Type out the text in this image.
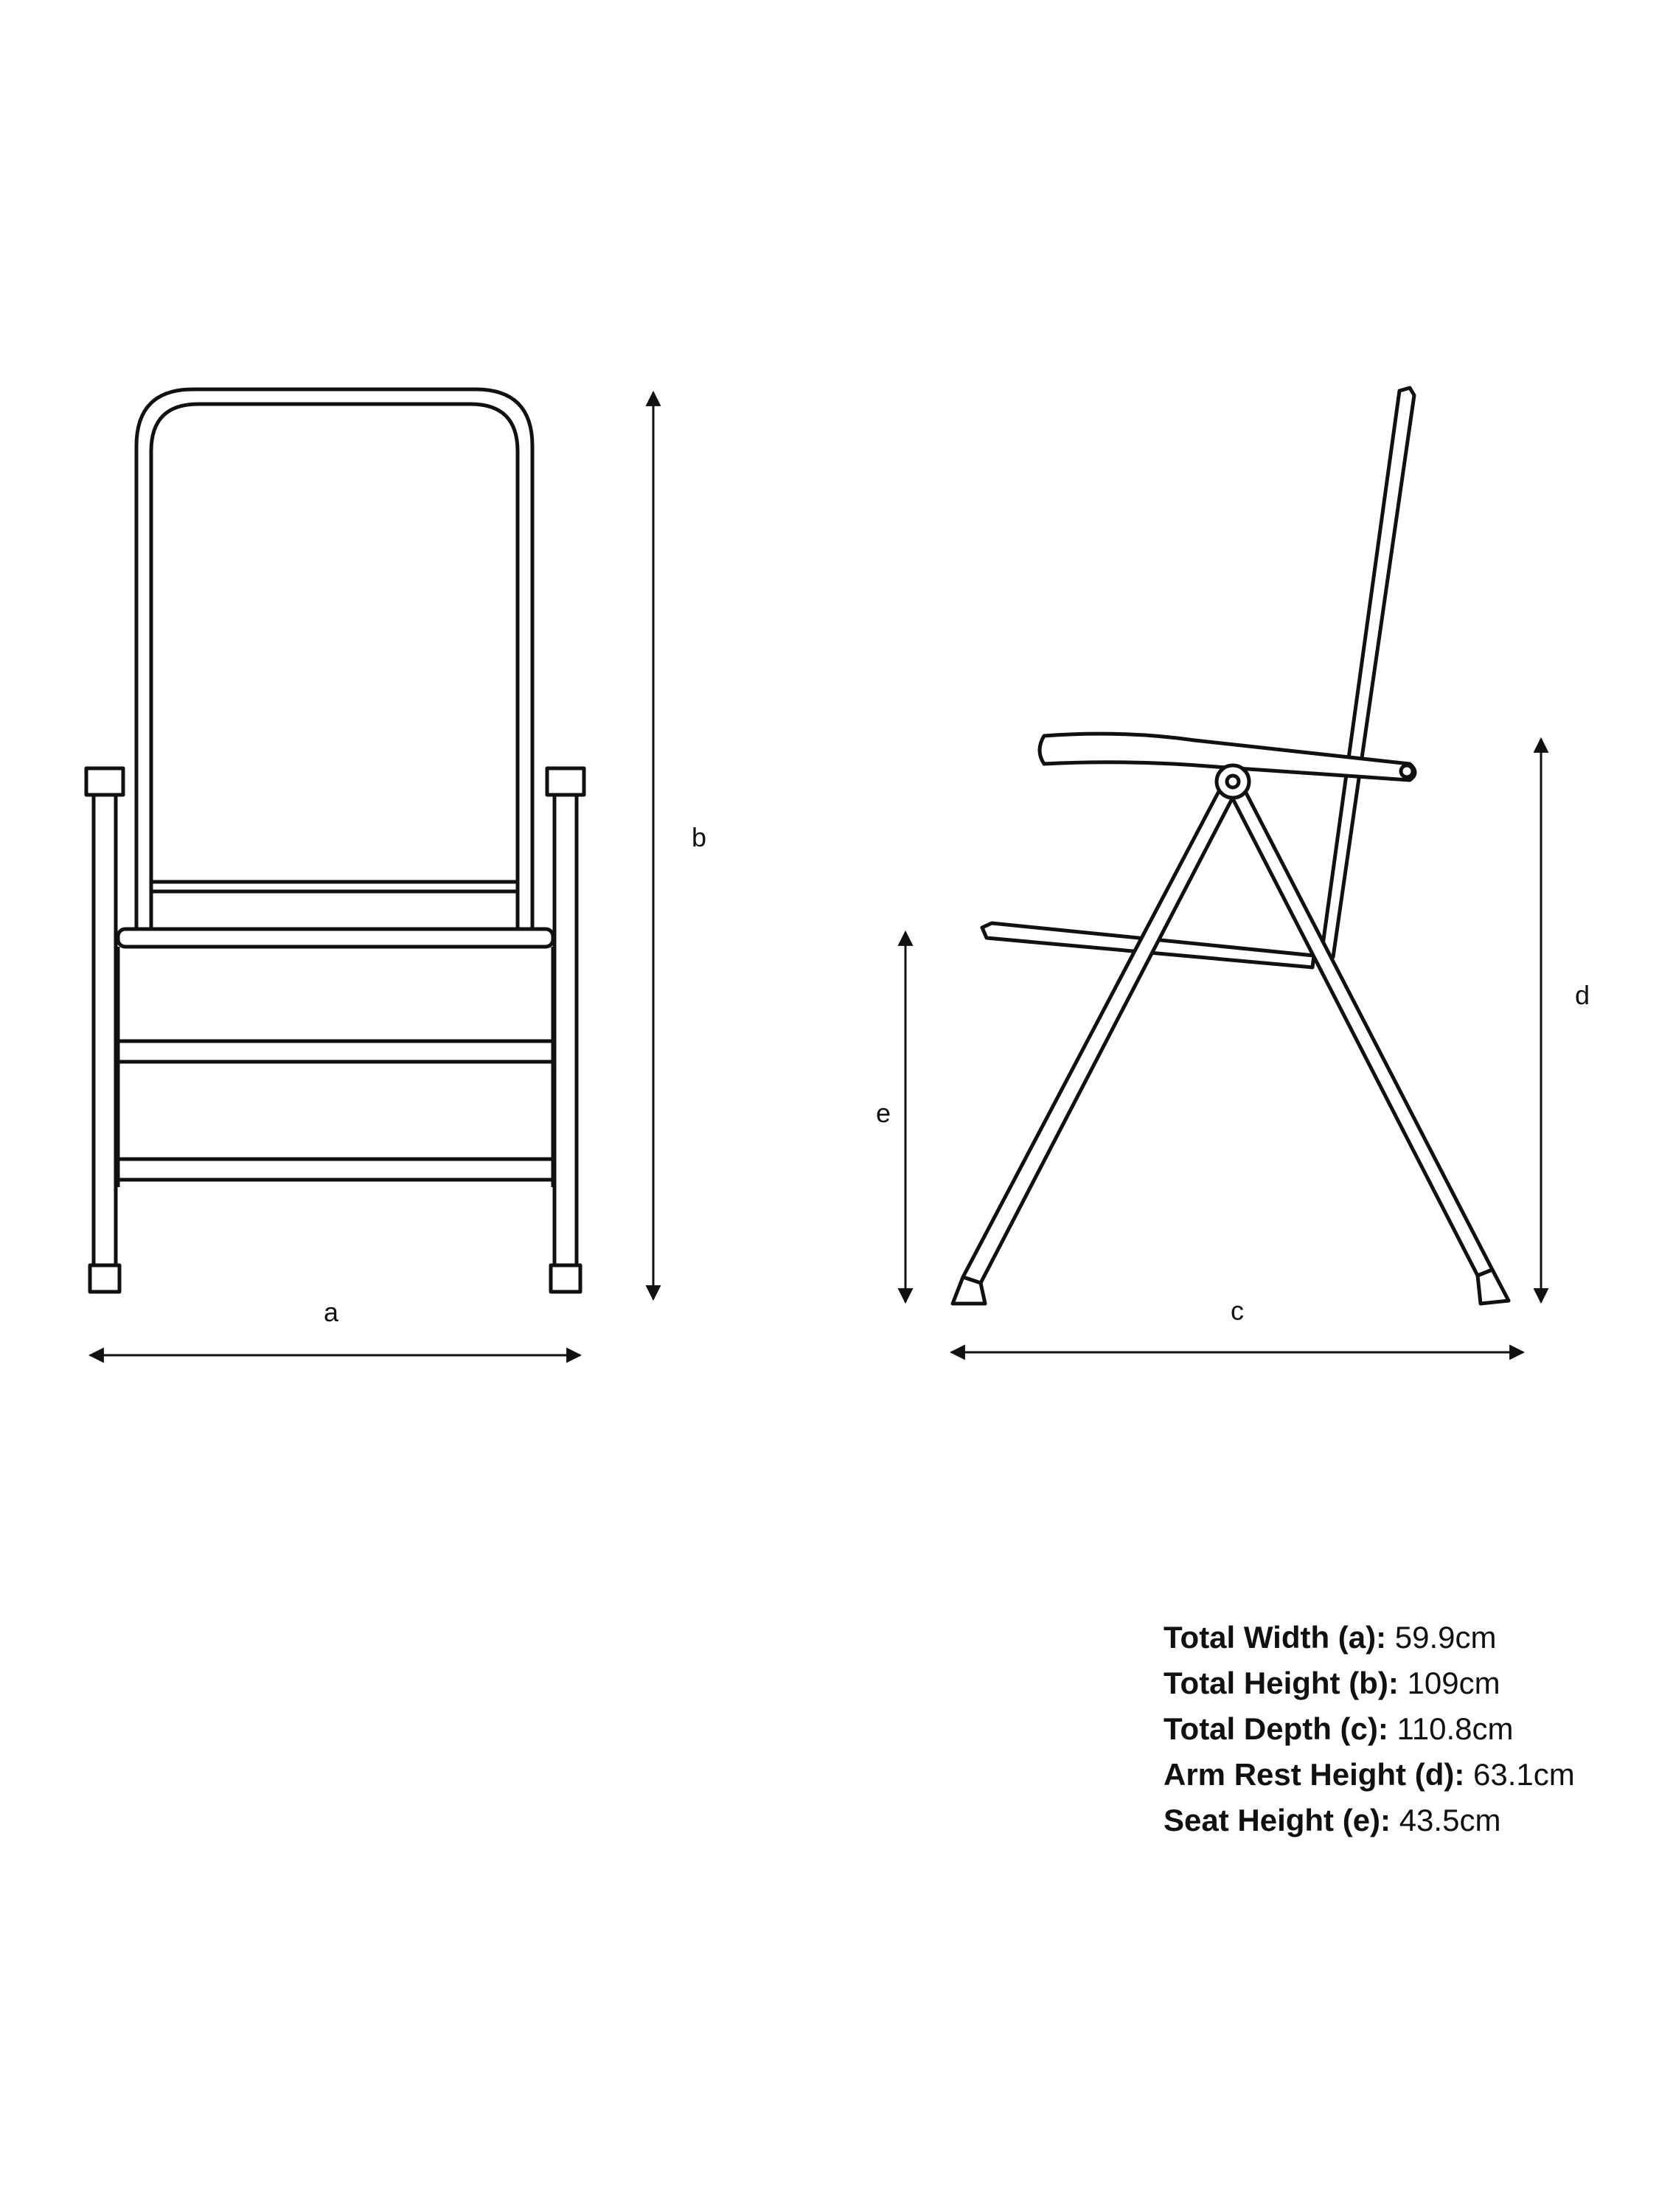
a
b
c
d
e
Total Width (a): 59.9cm
Total Height (b): 109cm
Total Depth (c): 110.8cm
Arm Rest Height (d): 63.1cm
Seat Height (e): 43.5cm
